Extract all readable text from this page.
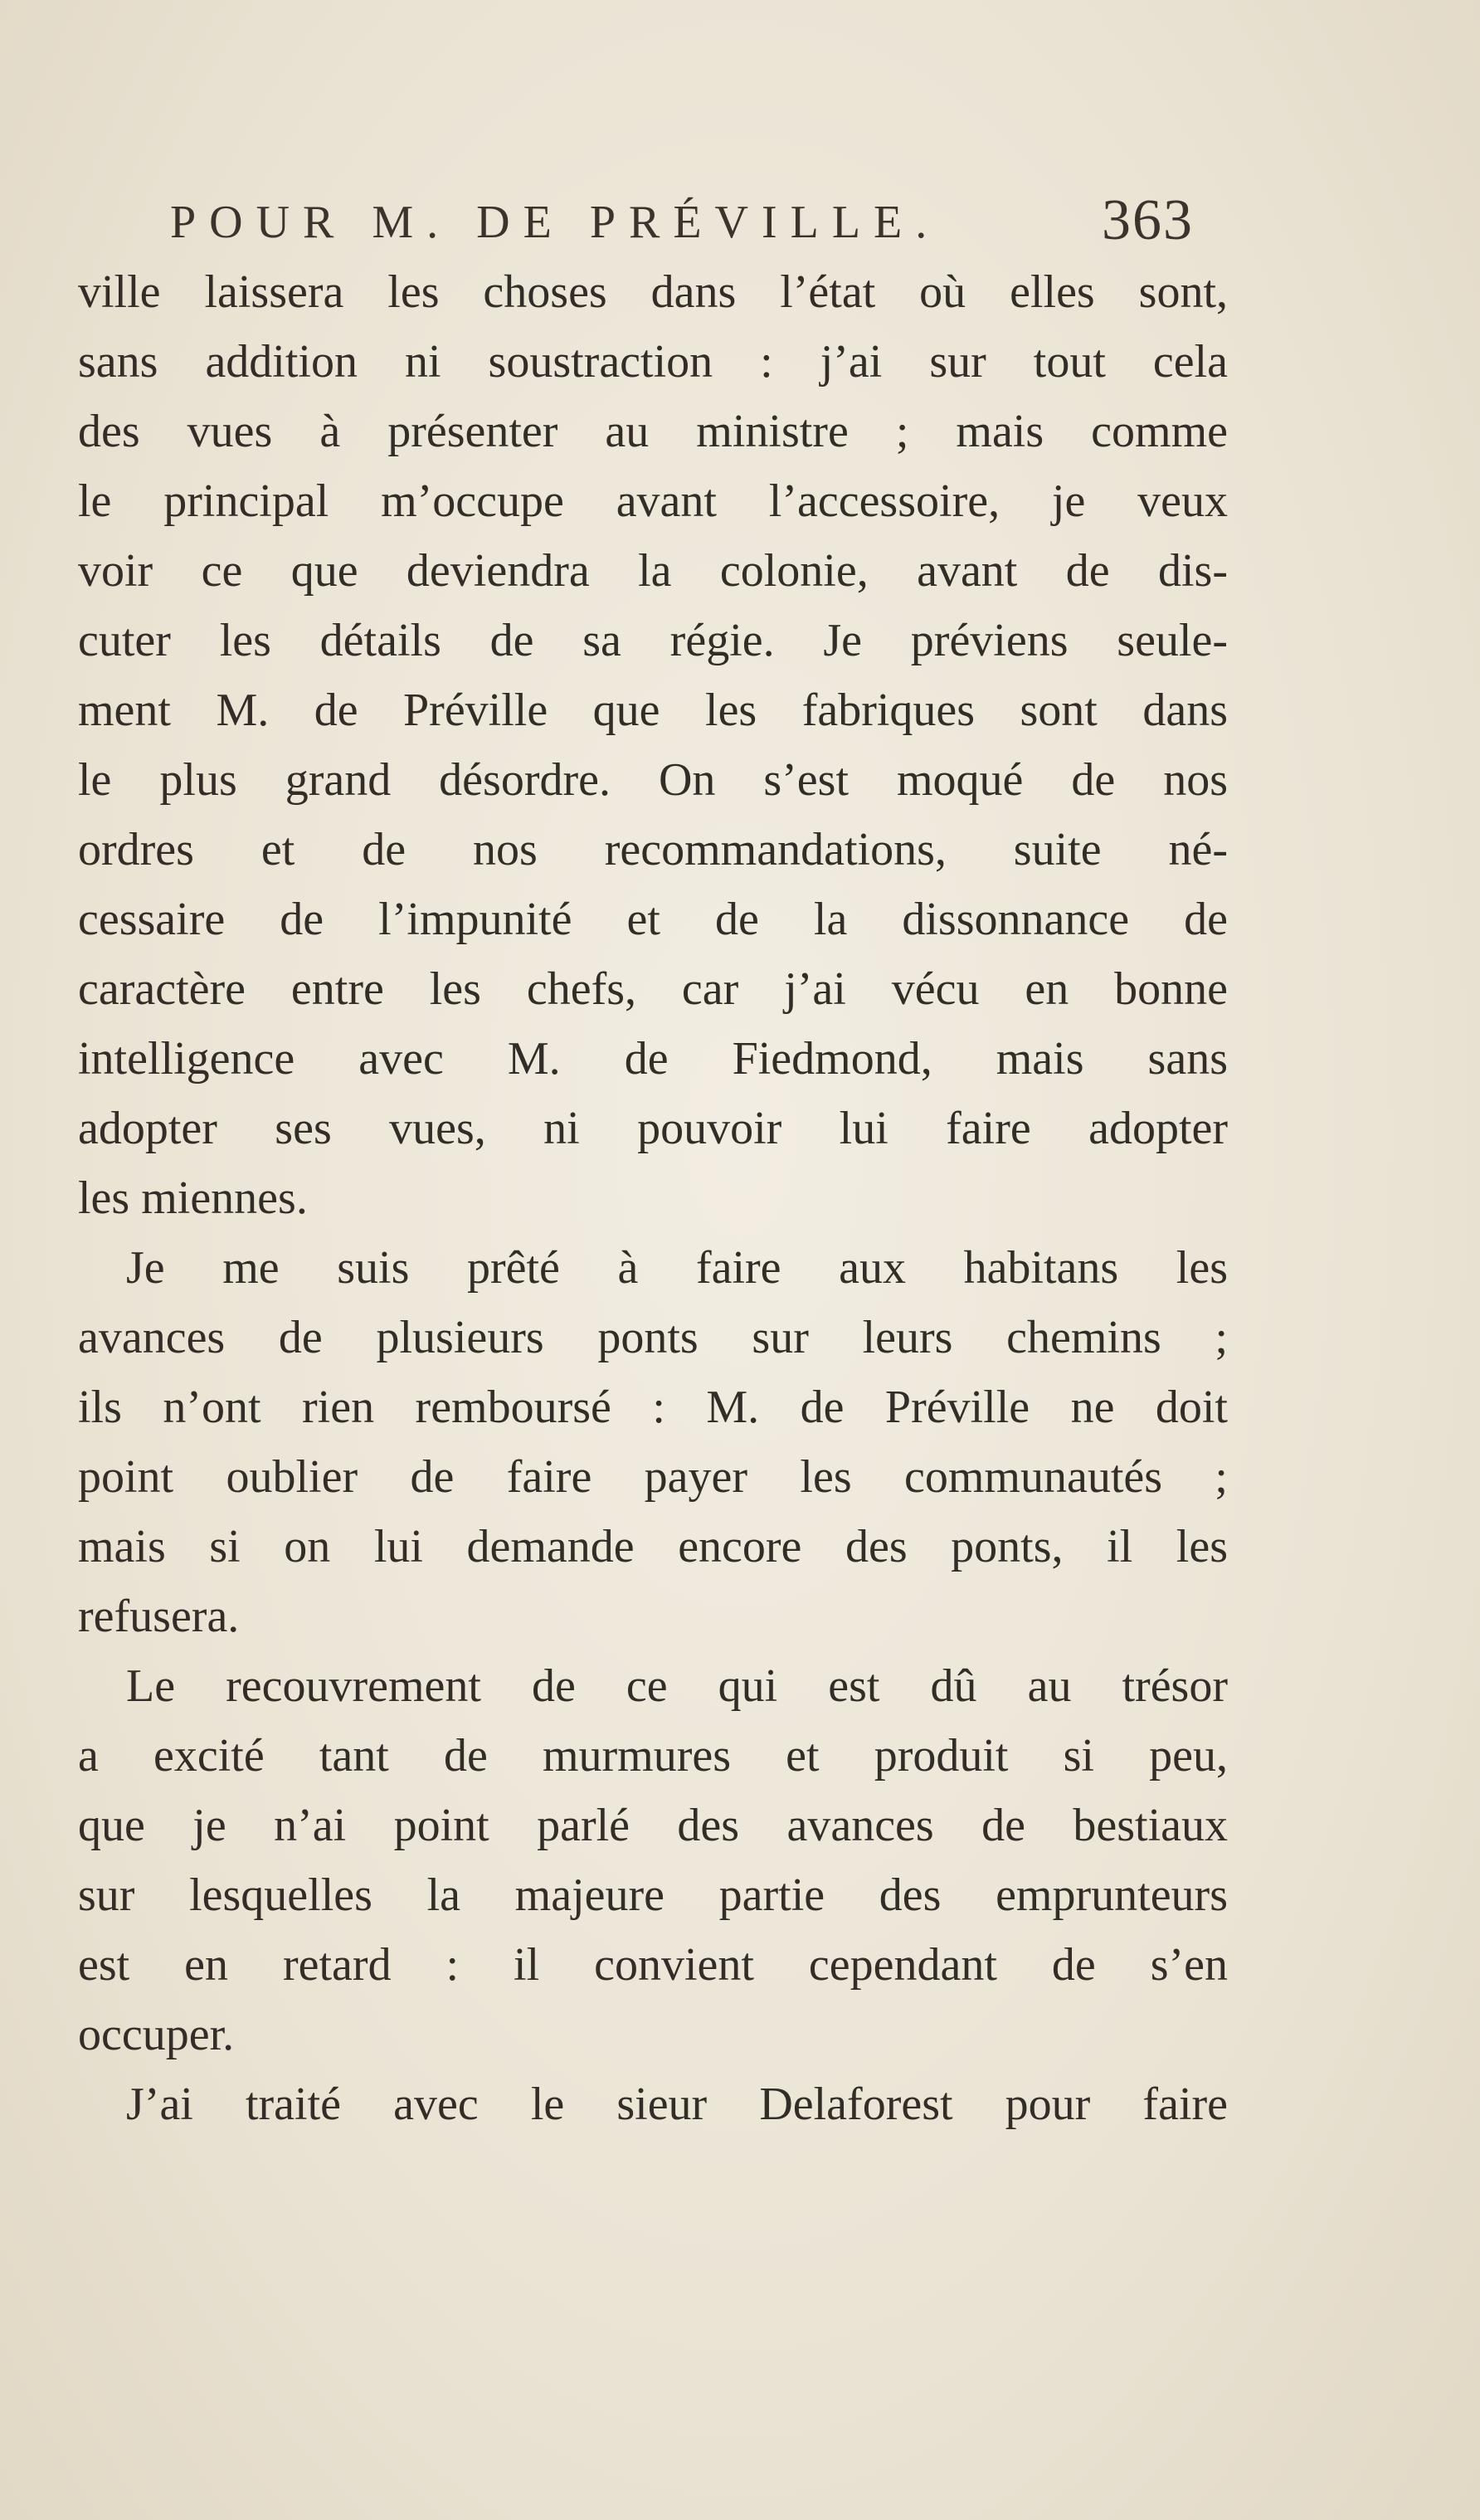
POUR M. DE PRÉVILLE.	363
ville laissera les choses dans l’état où elles sont,
sans addition ni soustraction : j’ai sur tout cela
des vues à présenter au ministre ; mais comme
le principal m’occupe avant l’accessoire, je veux
voir ce que deviendra la colonie, avant de dis-
cuter les détails de sa régie. Je préviens seule-
ment M. de Préville que les fabriques sont dans
le plus grand désordre. On s’est moqué de nos
ordres et de nos recommandations, suite né-
cessaire de l’impunité et de la dissonnance de
caractère entre les chefs, car j’ai vécu en bonne
intelligence avec M. de Fiedmond, mais sans
adopter ses vues, ni pouvoir lui faire adopter
les miennes.
Je me suis prêté à faire aux habitans les
avances de plusieurs ponts sur leurs chemins ;
ils n’ont rien remboursé : M. de Préville ne doit
point oublier de faire payer les communautés ;
mais si on lui demande encore des ponts, il les
refusera.
Le recouvrement de ce qui est dû au trésor
a excité tant de murmures et produit si peu,
que je n’ai point parlé des avances de bestiaux
sur lesquelles la majeure partie des emprunteurs
est en retard : il convient cependant de s’en
occuper.
J’ai traité avec le sieur Delaforest pour faire
